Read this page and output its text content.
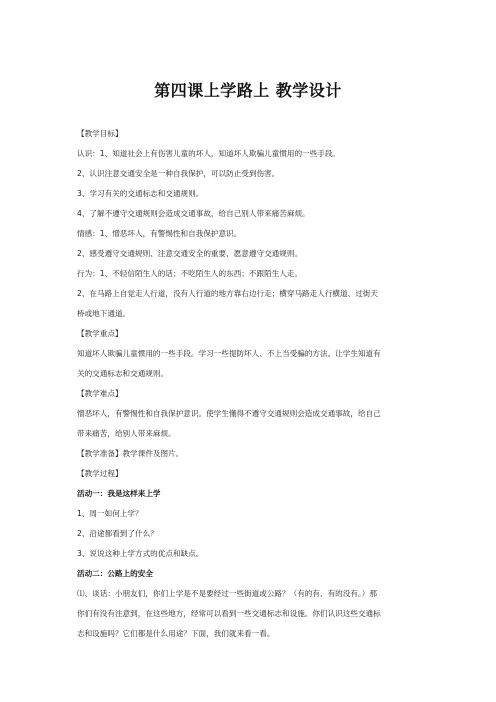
第四课上学路上 教学设计
【教学目标】
认识：1、知道社会上有伤害儿童的坏人，知道坏人欺骗儿童惯用的一些手段。
2、认识注意交通安全是一种自我保护，可以防止受到伤害。
3、学习有关的交通标志和交通规则。
4、了解不遵守交通规则会造成交通事故，给自己别人带来痛苦麻烦。
情感：1、憎恶坏人，有警惕性和自我保护意识。
2、感受遵守交通规则、注意交通安全的重要，愿意遵守交通规则。
行为：1、不轻信陌生人的话；不吃陌生人的东西；不跟陌生人走。
2、在马路上自觉走人行道，没有人行道的地方靠右边行走；横穿马路走人行横道、过街天
桥或地下通道。
【教学重点】
知道坏人欺骗儿童惯用的一些手段。学习一些提防坏人、不上当受骗的方法。让学生知道有
关的交通标志和交通规则。
【教学难点】
憎恶坏人，有警惕性和自我保护意识。使学生懂得不遵守交通规则会造成交通事故，给自己
带来痛苦，给别人带来麻烦。
【教学准备】教学课件及图片。
【教学过程】
活动一：我是这样来上学
1、周一如何上学？
2、沿途都看到了什么？
3、说说这种上学方式的优点和缺点。
活动二：公路上的安全
⑴、谈话：小朋友们，你们上学是不是要经过一些街道或公路？（有的有、有的没有。）那
你们有没有注意到，在这些地方，经常可以看到一些交通标志和设施。你们认识这些交通标
志和设施吗？它们都是什么用途？下面，我们就来看一看。
